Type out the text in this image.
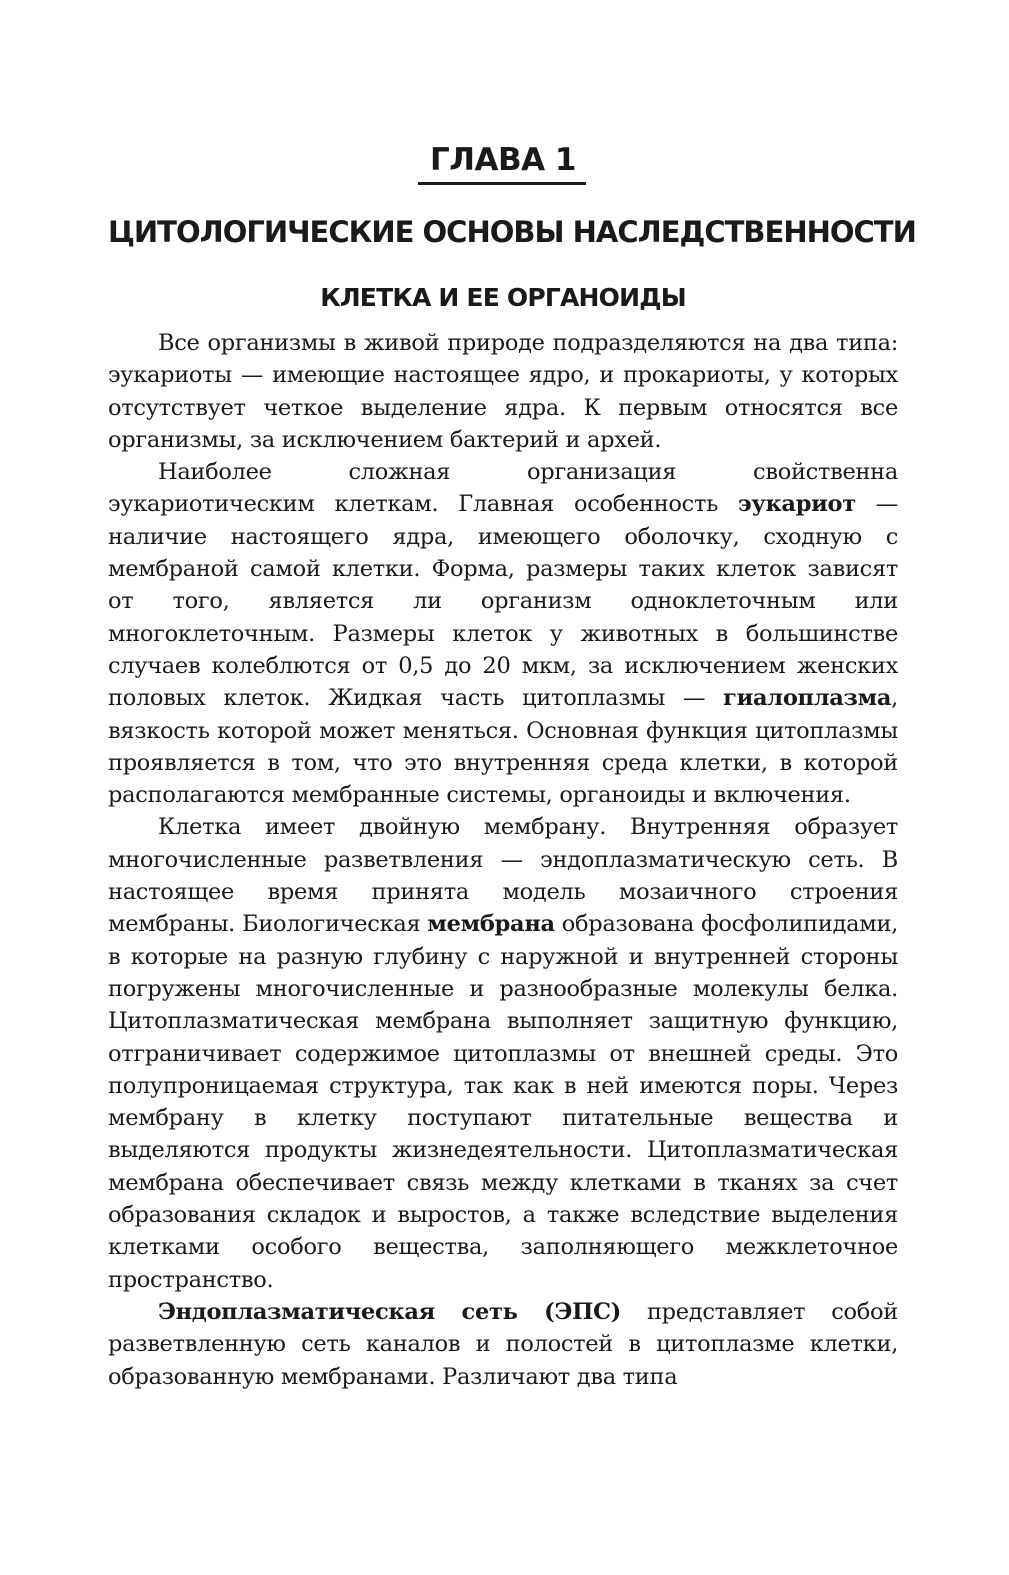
ГЛАВА 1
ЦИТОЛОГИЧЕСКИЕ ОСНОВЫ НАСЛЕДСТВЕННОСТИ
КЛЕТКА И ЕЕ ОРГАНОИДЫ

Все организмы в живой природе подразделяются на два типа: эукариоты — имеющие настоящее ядро, и прокариоты, у которых отсутствует четкое выделение ядра. К первым относятся все организмы, за исключением бактерий и архей.

Наиболее сложная организация свойственна эукариотическим клеткам. Главная особенность эукариот — наличие настоящего ядра, имеющего оболочку, сходную с мембраной самой клетки. Форма, размеры таких клеток зависят от того, является ли организм одноклеточным или многоклеточным. Размеры клеток у животных в большинстве случаев колеблются от 0,5 до 20 мкм, за исключением женских половых клеток. Жидкая часть цитоплазмы — гиалоплазма, вязкость которой может меняться. Основная функция цитоплазмы проявляется в том, что это внутренняя среда клетки, в которой располагаются мембранные системы, органоиды и включения.

Клетка имеет двойную мембрану. Внутренняя образует многочисленные разветвления — эндоплазматическую сеть. В настоящее время принята модель мозаичного строения мембраны. Биологическая мембрана образована фосфолипидами, в которые на разную глубину с наружной и внутренней стороны погружены многочисленные и разнообразные молекулы белка. Цитоплазматическая мембрана выполняет защитную функцию, отграничивает содержимое цитоплазмы от внешней среды. Это полупроницаемая структура, так как в ней имеются поры. Через мембрану в клетку поступают питательные вещества и выделяются продукты жизнедеятельности. Цитоплазматическая мембрана обеспечивает связь между клетками в тканях за счет образования складок и выростов, а также вследствие выделения клетками особого вещества, заполняющего межклеточное пространство.

Эндоплазматическая сеть (ЭПС) представляет собой разветвленную сеть каналов и полостей в цитоплазме клетки, образованную мембранами. Различают два типа
